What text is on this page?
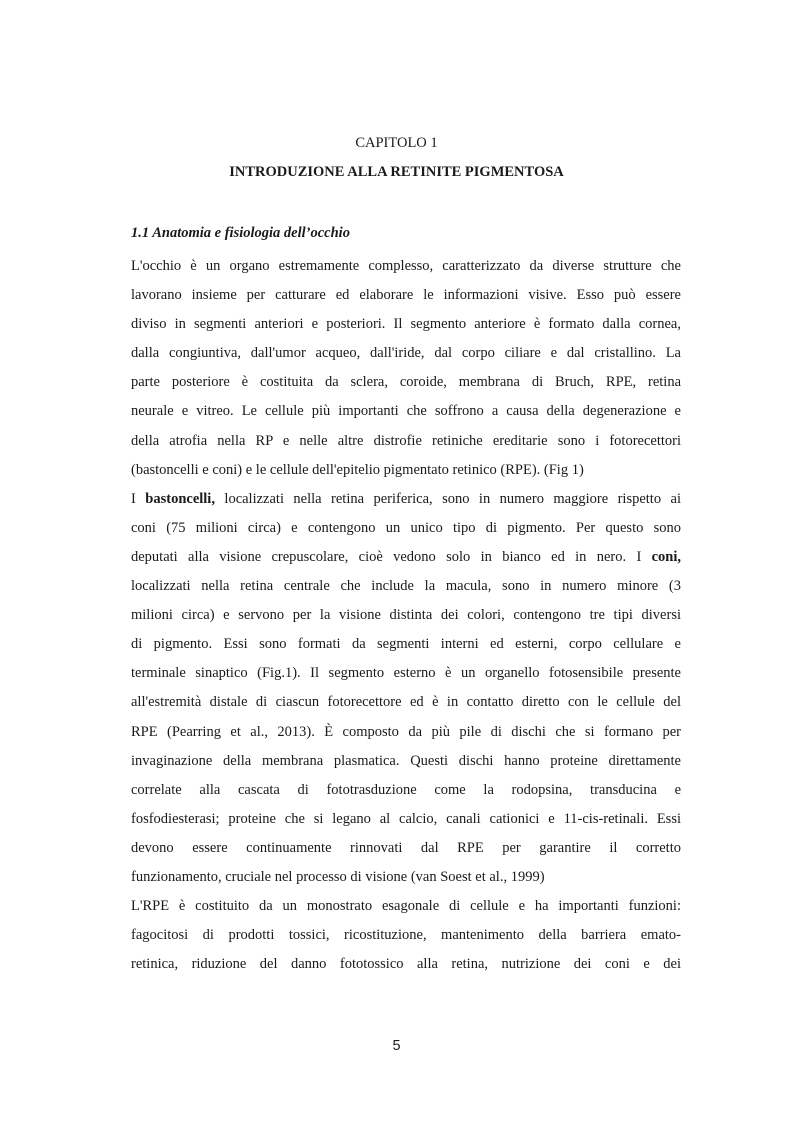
CAPITOLO 1
INTRODUZIONE ALLA RETINITE PIGMENTOSA
1.1 Anatomia e fisiologia dell’occhio
L'occhio è un organo estremamente complesso, caratterizzato da diverse strutture che
lavorano insieme per catturare ed elaborare le informazioni visive. Esso può essere
diviso in segmenti anteriori e posteriori. Il segmento anteriore è formato dalla cornea,
dalla congiuntiva, dall'umor acqueo, dall'iride, dal corpo ciliare e dal cristallino. La
parte posteriore è costituita da sclera, coroide, membrana di Bruch, RPE, retina
neurale e vitreo. Le cellule più importanti che soffrono a causa della degenerazione e
della atrofia nella RP e nelle altre distrofie retiniche ereditarie sono i fotorecettori
(bastoncelli e coni) e le cellule dell'epitelio pigmentato retinico (RPE). (Fig 1)
I bastoncelli, localizzati nella retina periferica, sono in numero maggiore rispetto ai
coni (75 milioni circa) e contengono un unico tipo di pigmento. Per questo sono
deputati alla visione crepuscolare, cioè vedono solo in bianco ed in nero. I coni,
localizzati nella retina centrale che include la macula, sono in numero minore (3
milioni circa) e servono per la visione distinta dei colori, contengono tre tipi diversi
di pigmento. Essi sono formati da segmenti interni ed esterni, corpo cellulare e
terminale sinaptico (Fig.1). Il segmento esterno è un organello fotosensibile presente
all'estremità distale di ciascun fotorecettore ed è in contatto diretto con le cellule del
RPE (Pearring et al., 2013). È composto da più pile di dischi che si formano per
invaginazione della membrana plasmatica. Questi dischi hanno proteine direttamente
correlate alla cascata di fototrasduzione come la rodopsina, transducina e
fosfodiesterasi; proteine che si legano al calcio, canali cationici e 11-cis-retinali. Essi
devono essere continuamente rinnovati dal RPE per garantire il corretto
funzionamento, cruciale nel processo di visione (van Soest et al., 1999)
L'RPE è costituito da un monostrato esagonale di cellule e ha importanti funzioni:
fagocitosi di prodotti tossici, ricostituzione, mantenimento della barriera emato-
retinica, riduzione del danno fototossico alla retina, nutrizione dei coni e dei
5
